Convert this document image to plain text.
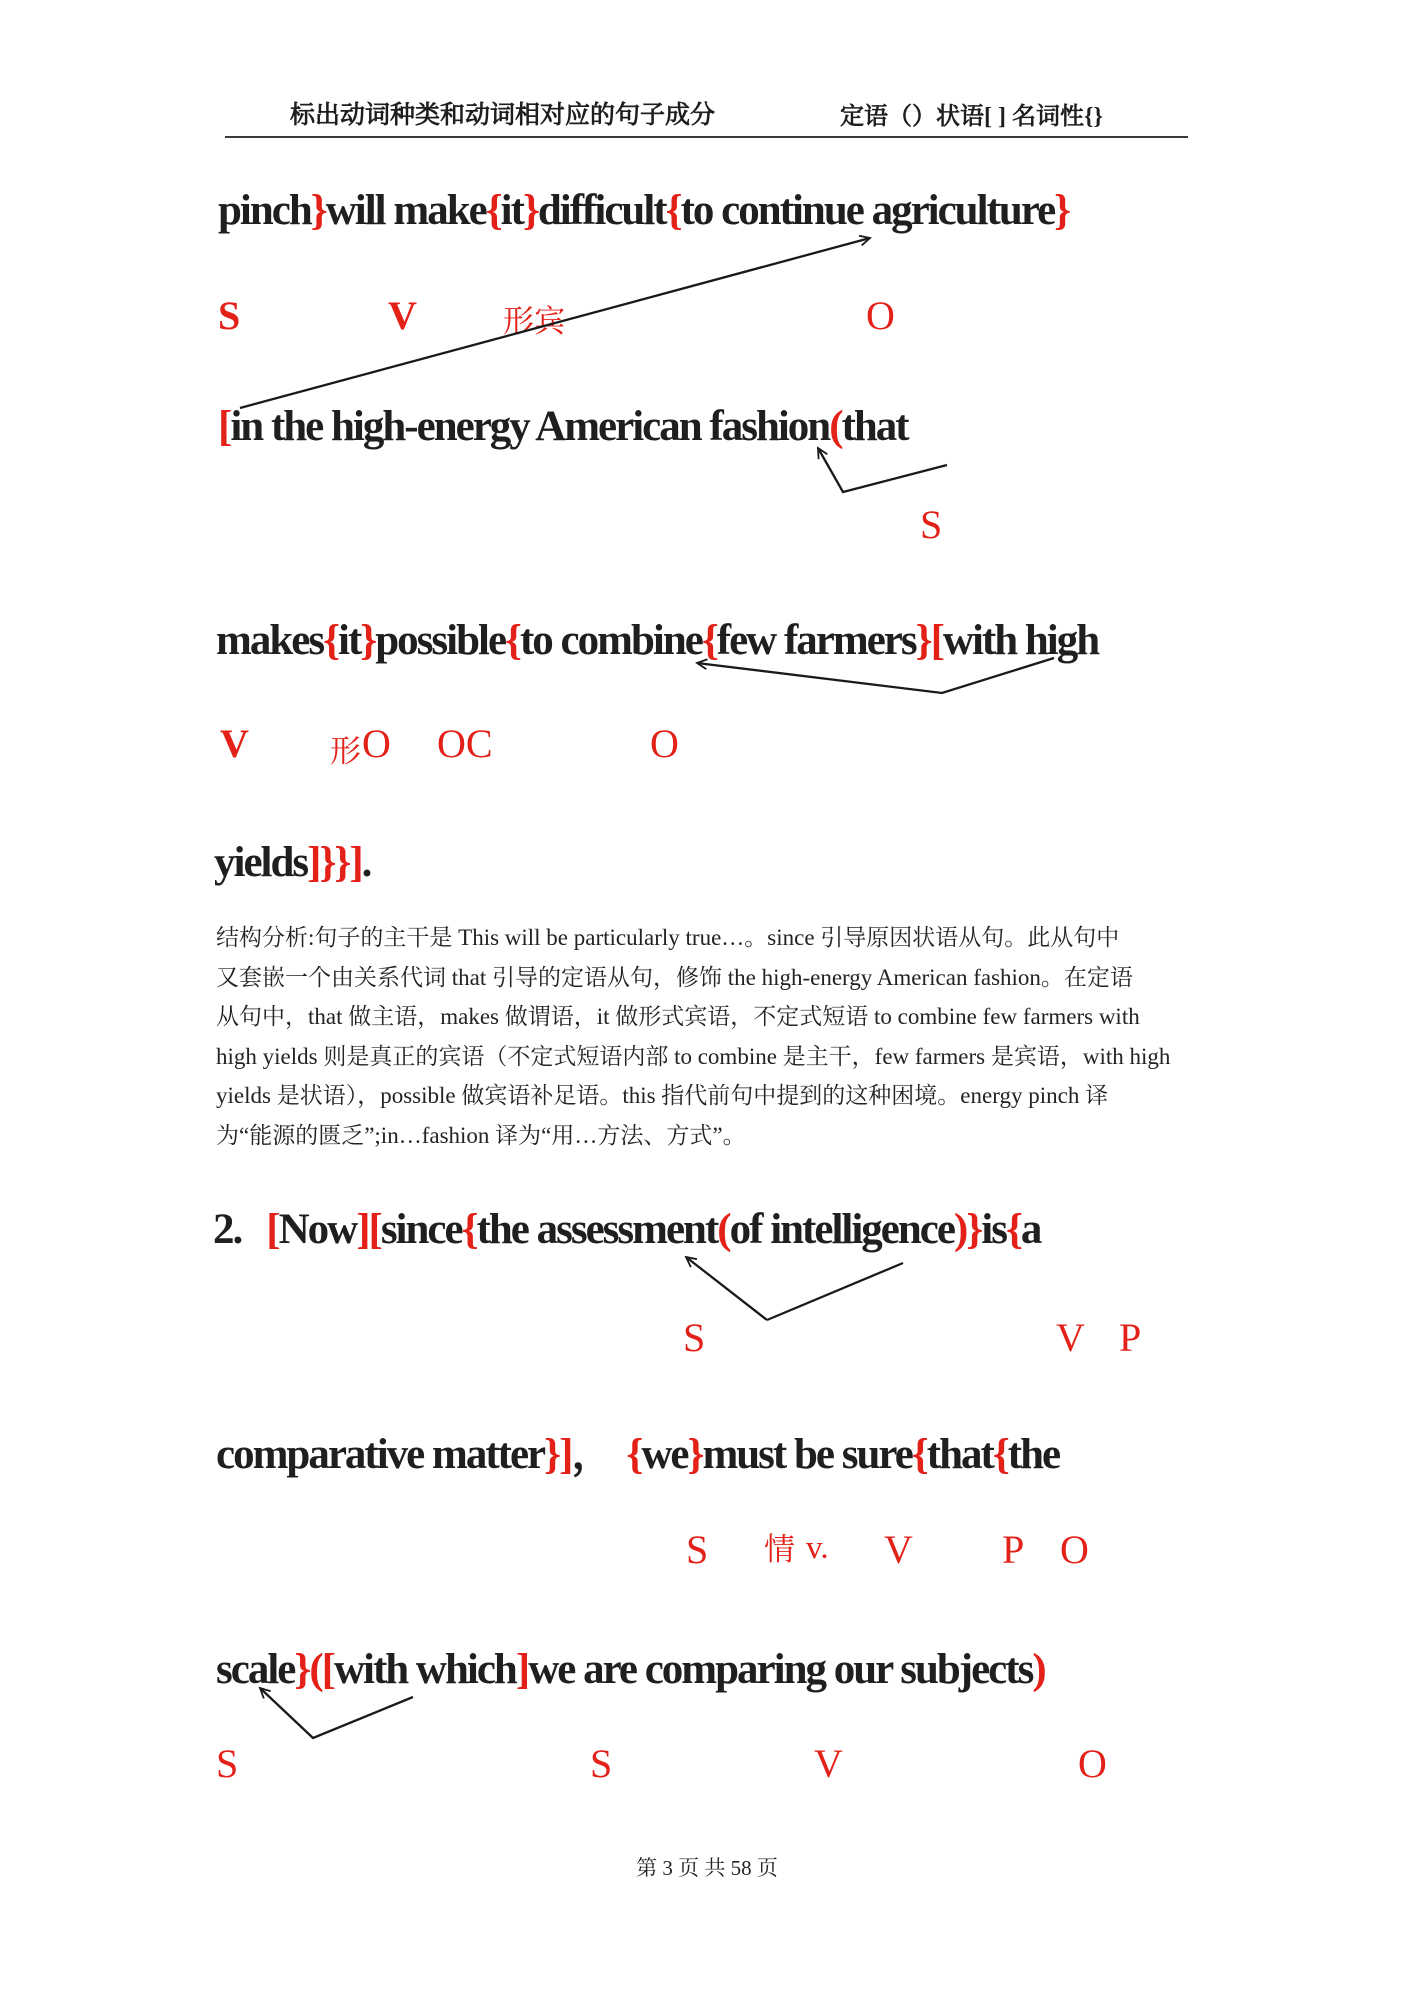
标出动词种类和动词相对应的句子成分	定语（）状语[ ] 名词性{}
pinch}will make{it}difficult{to continue agriculture}
[in the high-energy American fashion(that
makes{it}possible{to combine{few farmers}[with high
yields]}}].
2. [Now][since{the assessment(of intelligence)}is{a
comparative matter}]， {we}must be sure{that{the
scale}([with which]we are comparing our subjects)
S	V	形宾	O
S
V	形 O OC	O
S	V P
S 情 v. V P O
S	S	V	O
结构分析:句子的主干是 This will be particularly true…。since 引导原因状语从句。此从句中
又套嵌一个由关系代词 that 引导的定语从句，修饰 the high-energy American fashion。在定语
从句中，that 做主语，makes 做谓语，it 做形式宾语，不定式短语 to combine few farmers with
high yields 则是真正的宾语（不定式短语内部 to combine 是主干，few farmers 是宾语，with high
yields 是状语），possible 做宾语补足语。this 指代前句中提到的这种困境。energy pinch 译
为“能源的匮乏”;in…fashion 译为“用…方法、方式”。
第 3 页 共 58 页
